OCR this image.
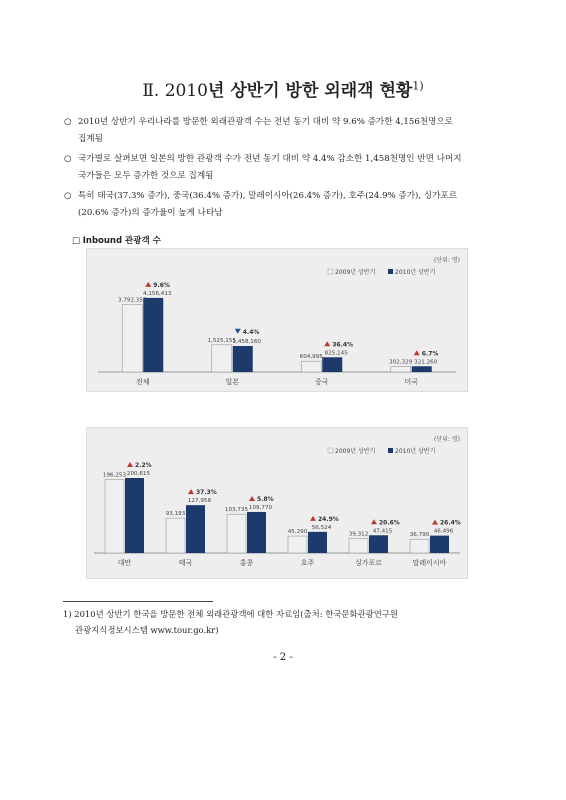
Ⅱ. 2010년 상반기 방한 외래객 현황$^{1)}$
○ 2010년 상반기 우리나라를 방문한 외래관광객 수는 전년 동기 대비 약 9.6% 증가한 4,156천명으로 집계됨
○ 국가별로 살펴보면 일본의 방한 관광객 수가 전년 동기 대비 약 4.4% 감소한 1,458천명인 반면 나머지 국가들은 모두 증가한 것으로 집계됨
○ 특히 태국(37.3% 증가), 중국(36.4% 증가), 말레이시아(26.4% 증가), 호주(24.9% 증가), 싱가포르(20.6% 증가)의 증가율이 높게 나타남
□ Inbound 관광객 수
(단위: 명)
2009년 상반기	2010년 상반기
3,792,355
4,156,413
9.6%
전체
1,525,155
1,458,160
4.4%
일본
604,995
825,145
36.4%
중국
302,329 321,260
6.7%
미국
(단위: 명)
2009년 상반기	2010년 상반기
196,253 200,615
2.2%
대만
93,193
127,958
37.3%
태국
103,735 109,770
5.8%
홍콩
45,290
56,524
24.9%
호주
39,312
47,415
20.6%
싱가포르
36,790
46,496
26.4%
말레이시아
1) 2010년 상반기 한국을 방문한 전체 외래관광객에 대한 자료임(출처: 한국문화관광연구원
관광지식정보시스템 www.tour.go.kr)
- 2 -
